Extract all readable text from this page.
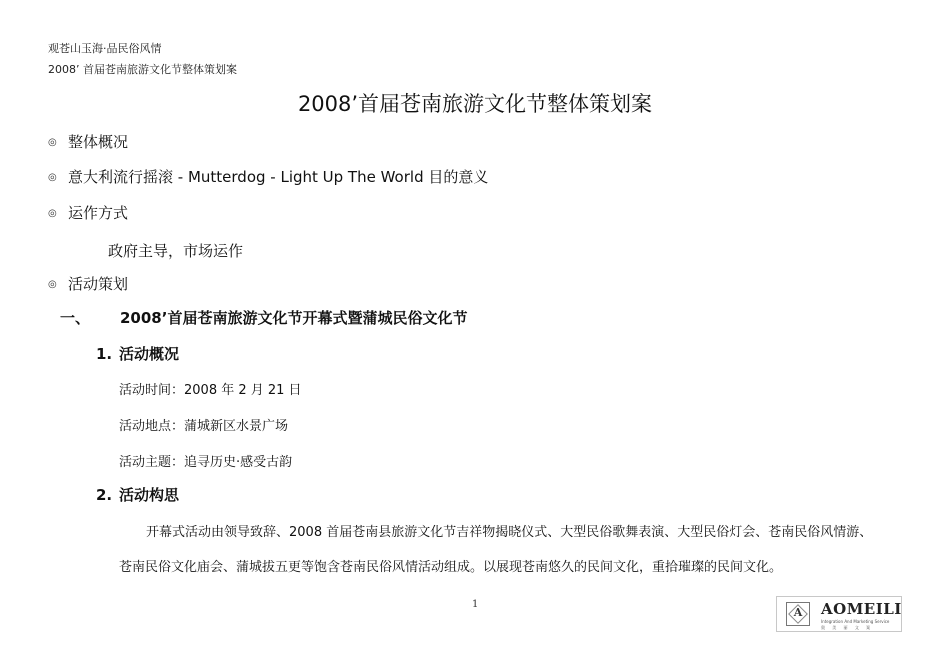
观苍山玉海·品民俗风情
2008’ 首届苍南旅游文化节整体策划案
2008’首届苍南旅游文化节整体策划案
◎ 整体概况
◎ 意大利流行摇滚 - Mutterdog - Light Up The World 目的意义
◎ 运作方式
政府主导，市场运作
◎ 活动策划
一、 2008’首届苍南旅游文化节开幕式暨蒲城民俗文化节
1. 活动概况
活动时间：2008 年 2 月 21 日
活动地点：蒲城新区水景广场
活动主题：追寻历史·感受古韵
2. 活动构思
开幕式活动由领导致辞、2008 首届苍南县旅游文化节吉祥物揭晓仪式、大型民俗歌舞表演、大型民俗灯会、苍南民俗风情游、
苍南民俗文化庙会、蒲城拔五更等饱含苍南民俗风情活动组成。以展现苍南悠久的民间文化，重拾璀璨的民间文化。
1
A	AOMEILI
Integration And Marketing Service
奥 美 丽 文 案
